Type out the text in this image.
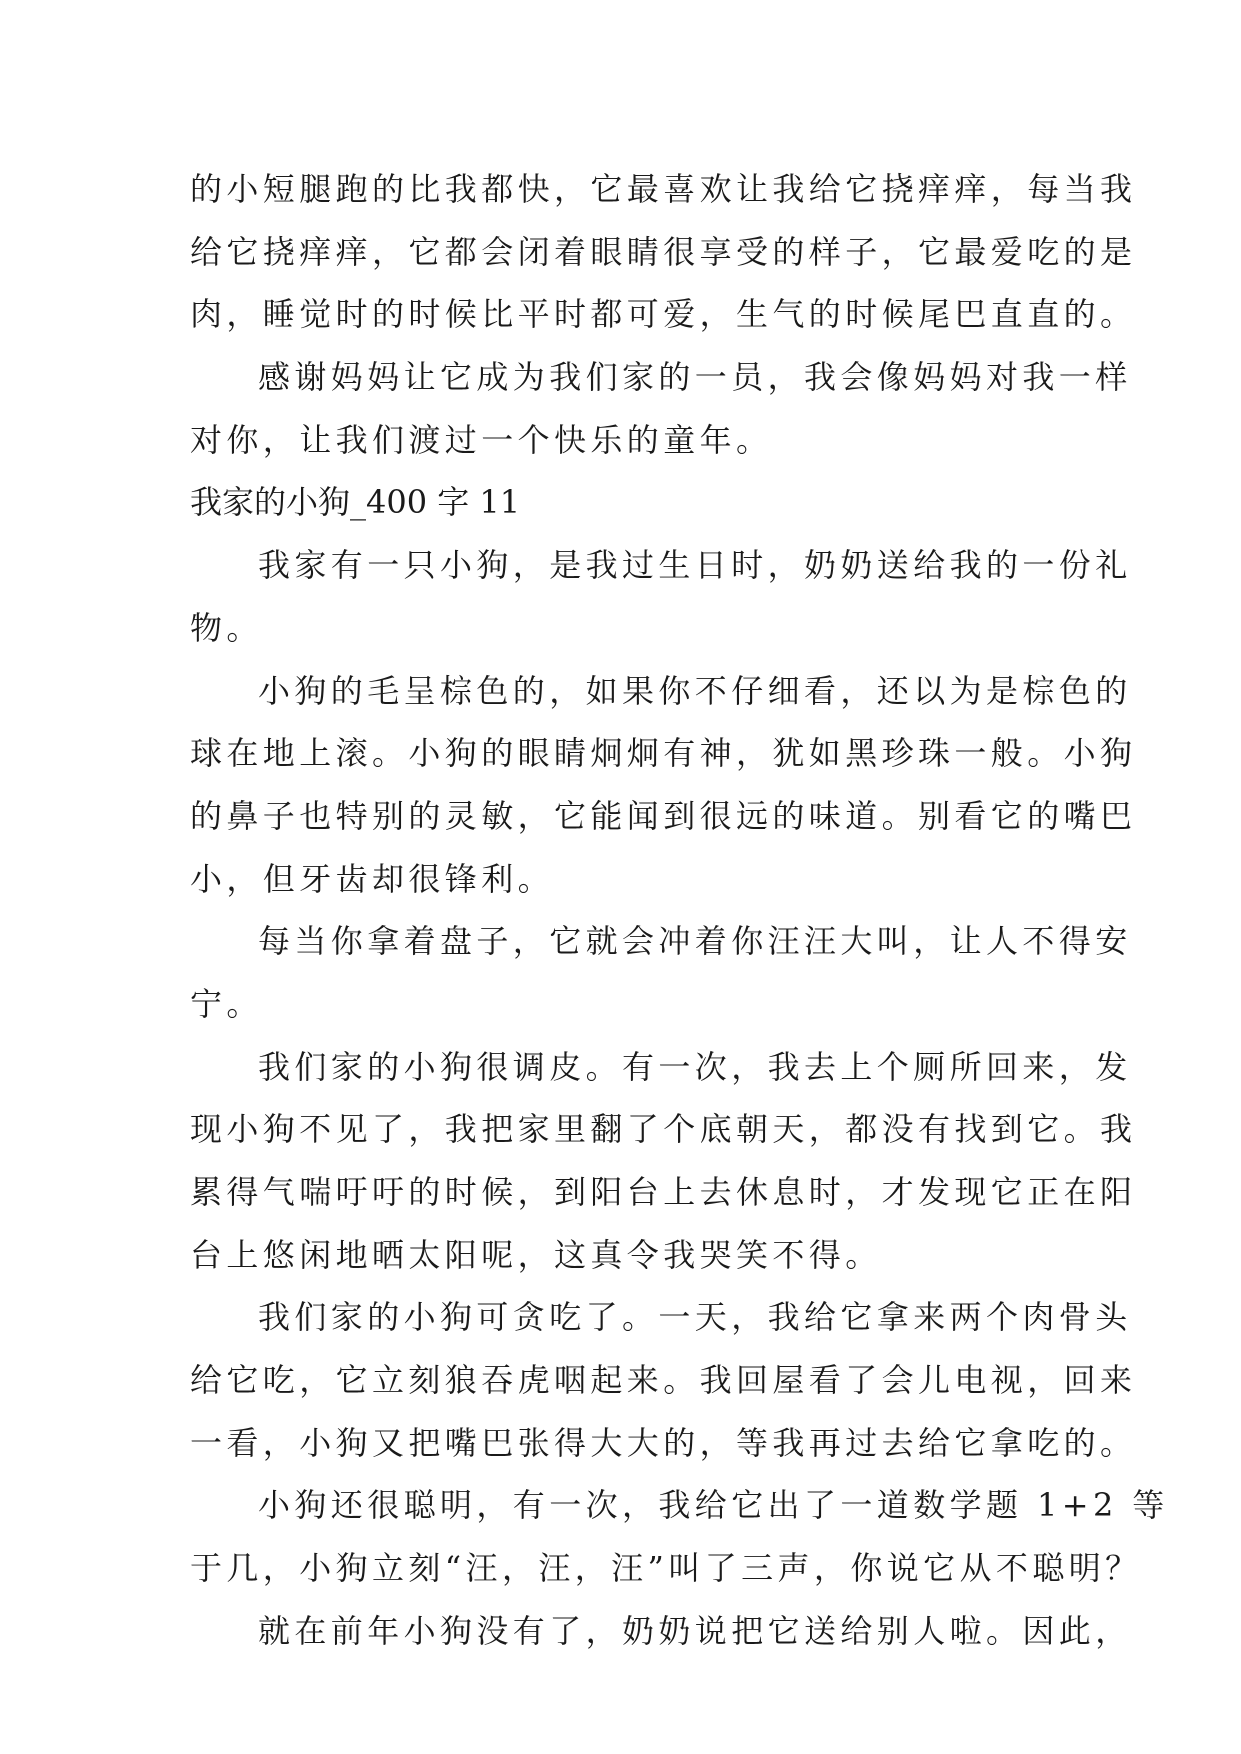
的小短腿跑的比我都快，它最喜欢让我给它挠痒痒，每当我
给它挠痒痒，它都会闭着眼睛很享受的样子，它最爱吃的是
肉，睡觉时的时候比平时都可爱，生气的时候尾巴直直的。
感谢妈妈让它成为我们家的一员，我会像妈妈对我一样
对你，让我们渡过一个快乐的童年。
我家的小狗_400 字 11
我家有一只小狗，是我过生日时，奶奶送给我的一份礼
物。
小狗的毛呈棕色的，如果你不仔细看，还以为是棕色的
球在地上滚。小狗的眼睛炯炯有神，犹如黑珍珠一般。小狗
的鼻子也特别的灵敏，它能闻到很远的味道。别看它的嘴巴
小，但牙齿却很锋利。
每当你拿着盘子，它就会冲着你汪汪大叫，让人不得安
宁。
我们家的小狗很调皮。有一次，我去上个厕所回来，发
现小狗不见了，我把家里翻了个底朝天，都没有找到它。我
累得气喘吁吁的时候，到阳台上去休息时，才发现它正在阳
台上悠闲地晒太阳呢，这真令我哭笑不得。
我们家的小狗可贪吃了。一天，我给它拿来两个肉骨头
给它吃，它立刻狼吞虎咽起来。我回屋看了会儿电视，回来
一看，小狗又把嘴巴张得大大的，等我再过去给它拿吃的。
小狗还很聪明，有一次，我给它出了一道数学题 1+2 等
于几，小狗立刻“汪，汪，汪”叫了三声，你说它从不聪明？
就在前年小狗没有了，奶奶说把它送给别人啦。因此，
